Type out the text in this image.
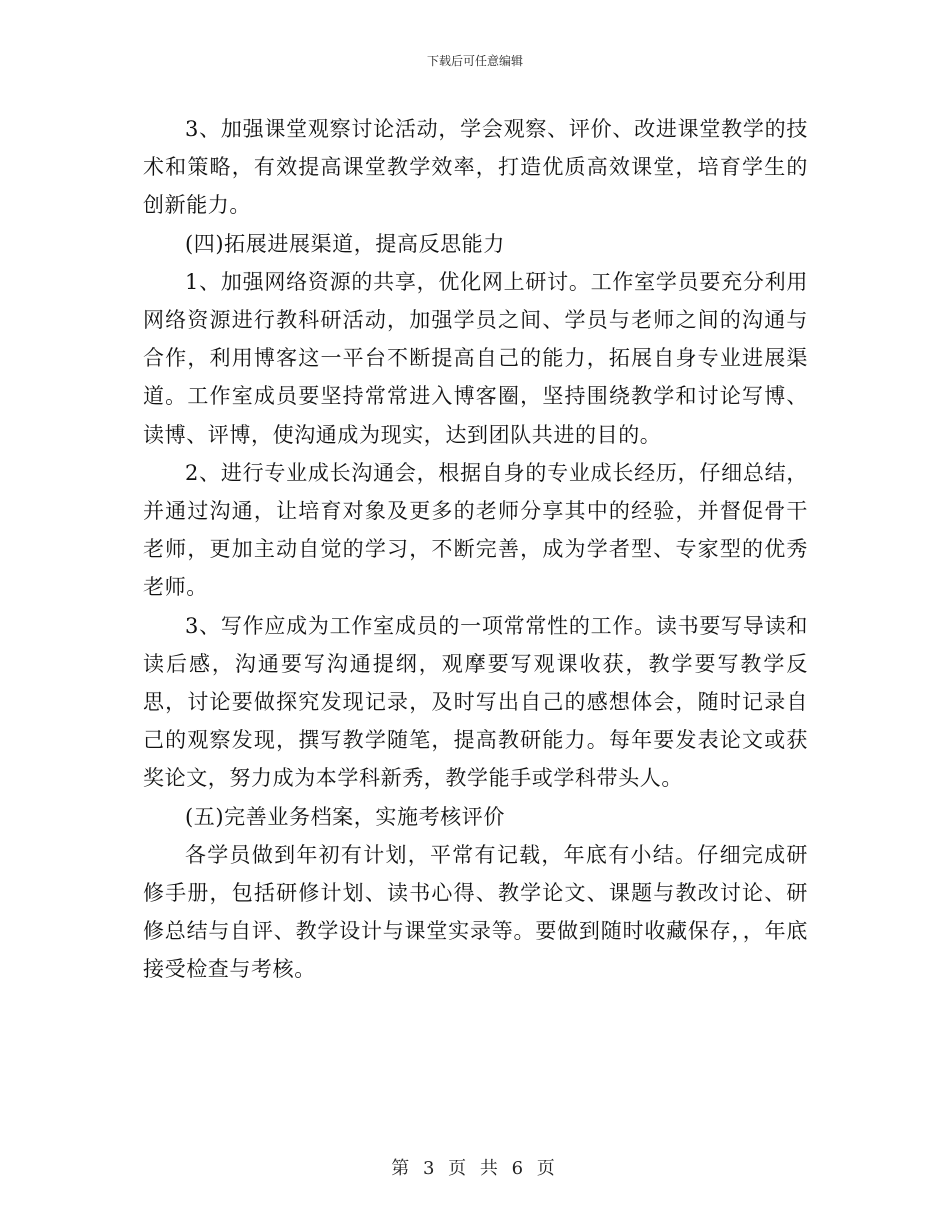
下载后可任意编辑

3、加强课堂观察讨论活动，学会观察、评价、改进课堂教学的技术和策略，有效提高课堂教学效率，打造优质高效课堂，培育学生的创新能力。

(四)拓展进展渠道，提高反思能力

1、加强网络资源的共享，优化网上研讨。工作室学员要充分利用网络资源进行教科研活动，加强学员之间、学员与老师之间的沟通与合作，利用博客这一平台不断提高自己的能力，拓展自身专业进展渠道。工作室成员要坚持常常进入博客圈，坚持围绕教学和讨论写博、读博、评博，使沟通成为现实，达到团队共进的目的。

2、进行专业成长沟通会，根据自身的专业成长经历，仔细总结，并通过沟通，让培育对象及更多的老师分享其中的经验，并督促骨干老师，更加主动自觉的学习，不断完善，成为学者型、专家型的优秀老师。

3、写作应成为工作室成员的一项常常性的工作。读书要写导读和读后感，沟通要写沟通提纲，观摩要写观课收获，教学要写教学反思，讨论要做探究发现记录，及时写出自己的感想体会，随时记录自己的观察发现，撰写教学随笔，提高教研能力。每年要发表论文或获奖论文，努力成为本学科新秀，教学能手或学科带头人。

(五)完善业务档案，实施考核评价

各学员做到年初有计划，平常有记载，年底有小结。仔细完成研修手册，包括研修计划、读书心得、教学论文、课题与教改讨论、研修总结与自评、教学设计与课堂实录等。要做到随时收藏保存，，年底接受检查与考核。

第 3 页 共 6 页
